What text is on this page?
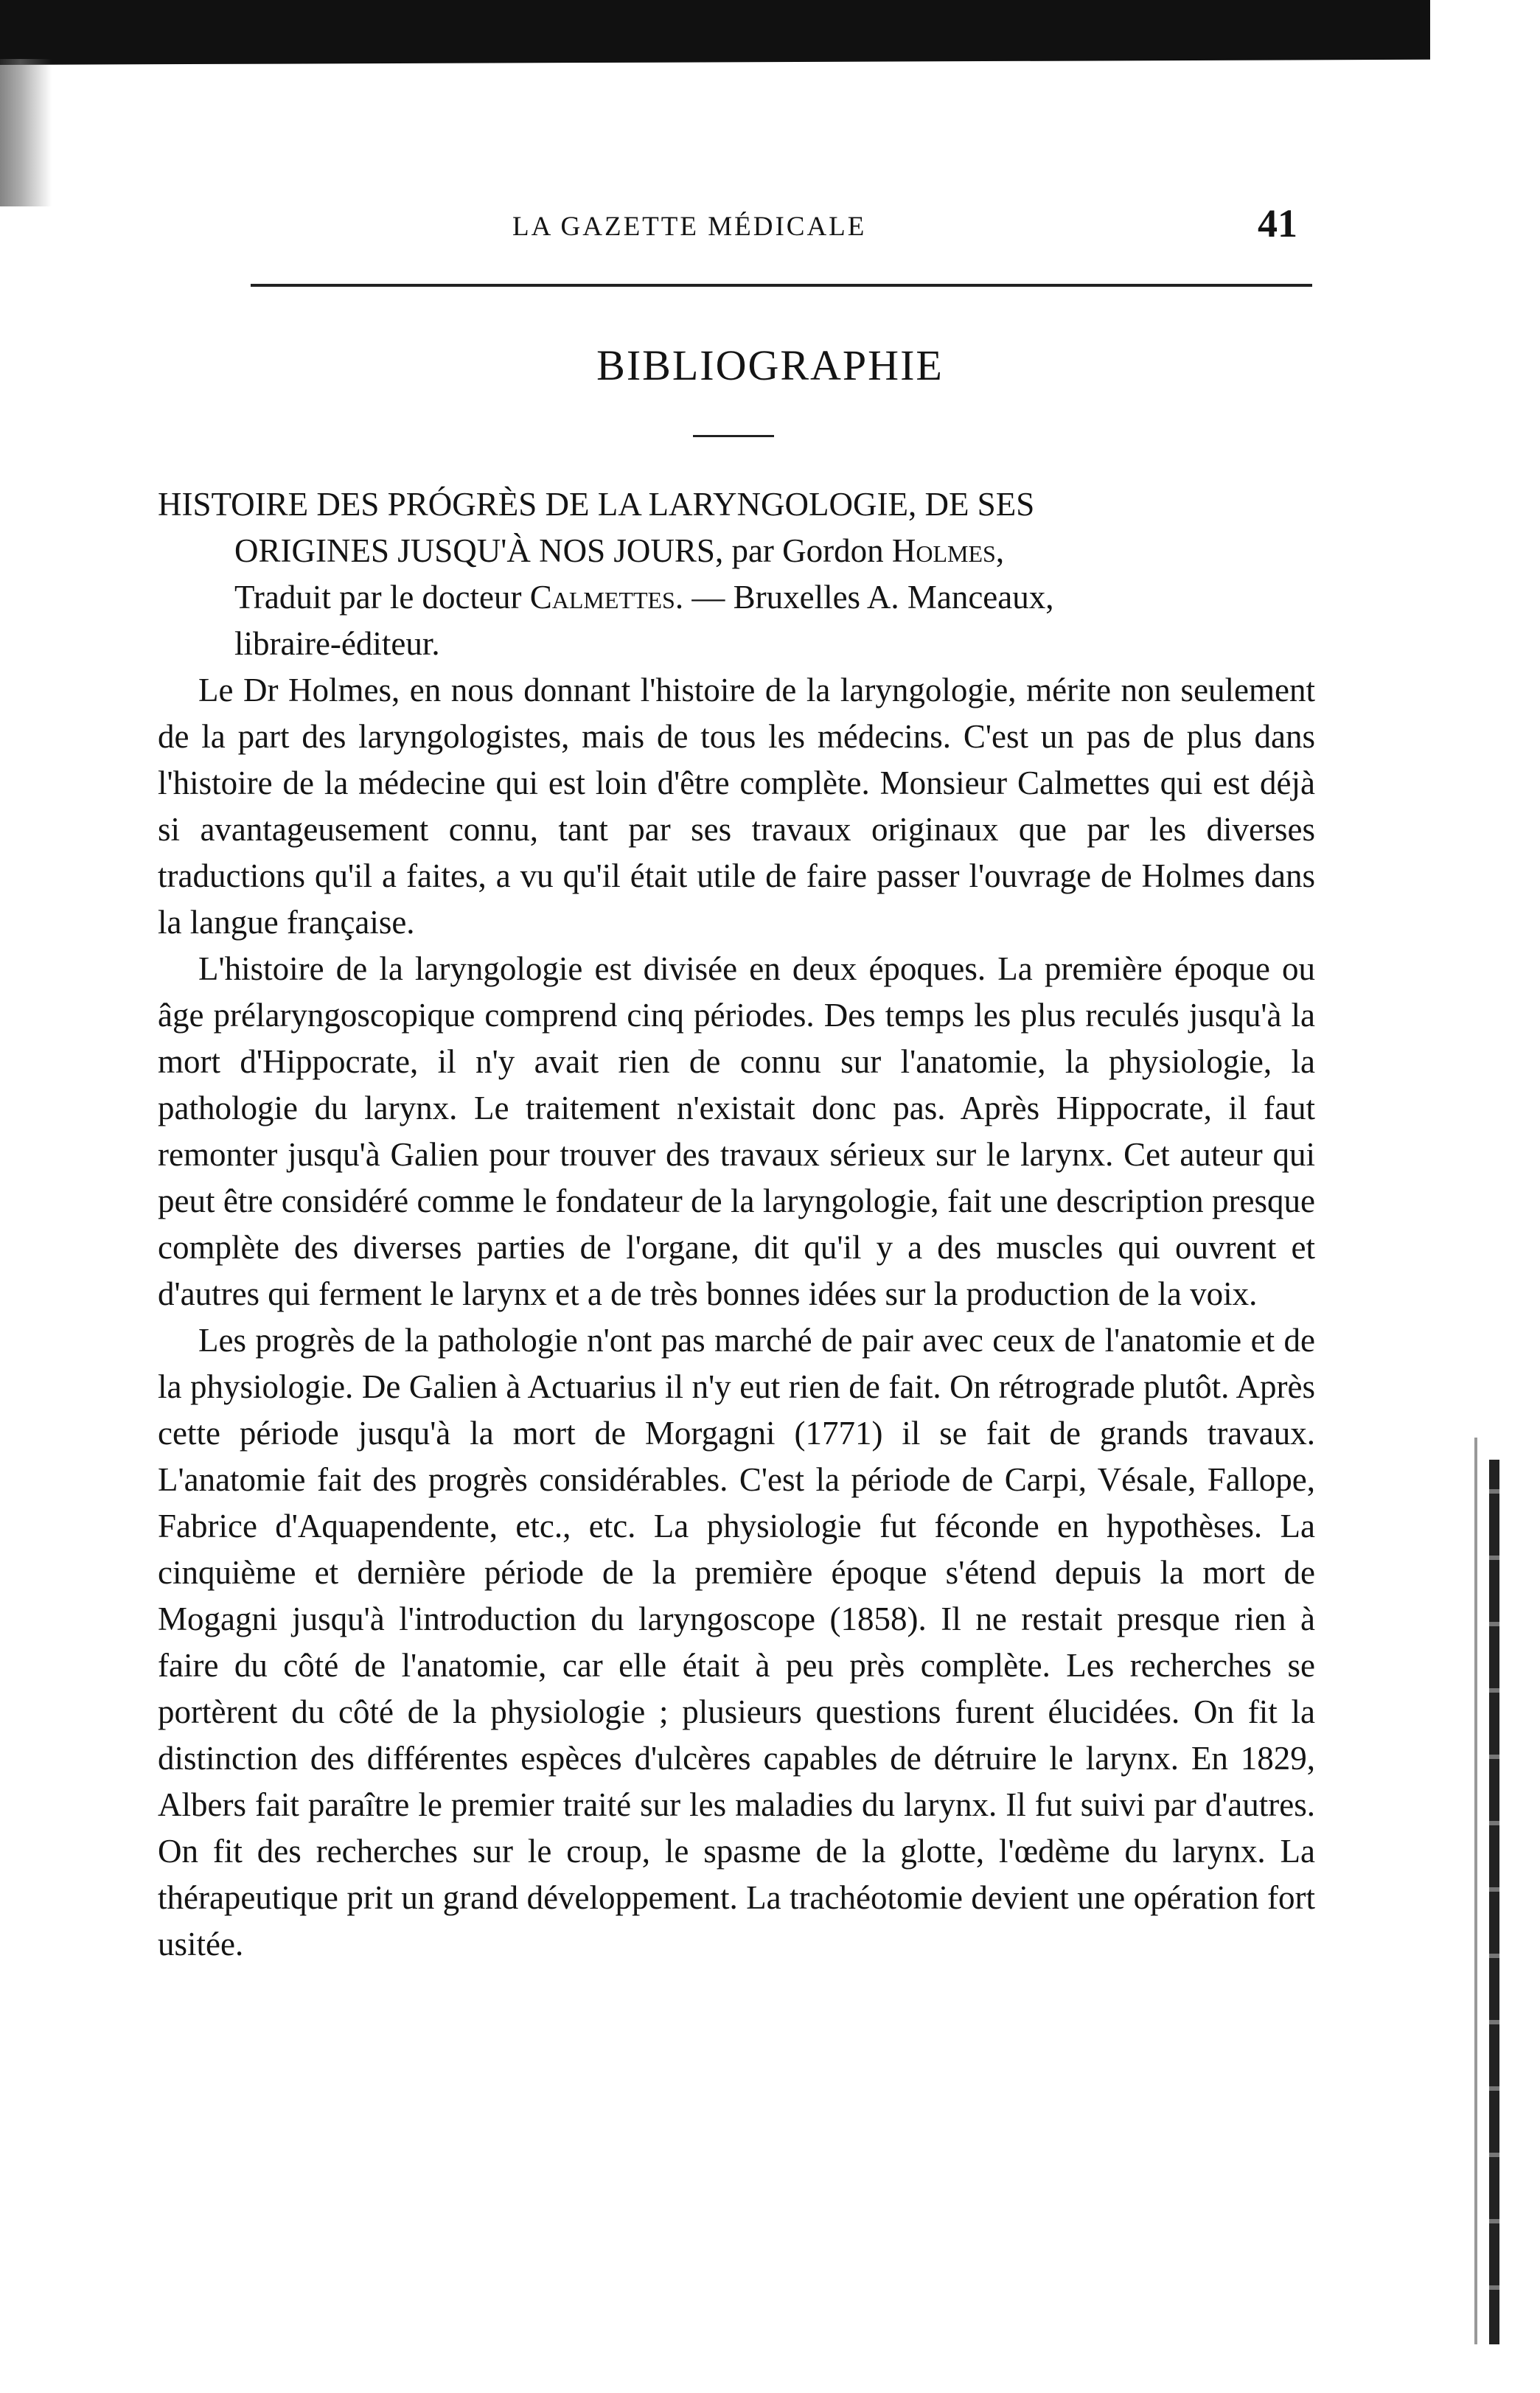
LA GAZETTE MÉDICALE	41
BIBLIOGRAPHIE
HISTOIRE DES PRÓGRÈS DE LA LARYNGOLOGIE, DE SES
ORIGINES JUSQU'À NOS JOURS, par Gordon Holmes,
Traduit par le docteur Calmettes. — Bruxelles A. Manceaux,
libraire-éditeur.

Le Dr Holmes, en nous donnant l'histoire de la laryngologie, mérite non seulement de la part des laryngologistes, mais de tous les médecins. C'est un pas de plus dans l'histoire de la médecine qui est loin d'être complète. Monsieur Calmettes qui est déjà si avantageusement connu, tant par ses travaux originaux que par les diverses traductions qu'il a faites, a vu qu'il était utile de faire passer l'ouvrage de Holmes dans la langue française.

L'histoire de la laryngologie est divisée en deux époques. La première époque ou âge prélaryngoscopique comprend cinq périodes. Des temps les plus reculés jusqu'à la mort d'Hippocrate, il n'y avait rien de connu sur l'anatomie, la physiologie, la pathologie du larynx. Le traitement n'existait donc pas. Après Hippocrate, il faut remonter jusqu'à Galien pour trouver des travaux sérieux sur le larynx. Cet auteur qui peut être considéré comme le fondateur de la laryngologie, fait une description presque complète des diverses parties de l'organe, dit qu'il y a des muscles qui ouvrent et d'autres qui ferment le larynx et a de très bonnes idées sur la production de la voix.

Les progrès de la pathologie n'ont pas marché de pair avec ceux de l'anatomie et de la physiologie. De Galien à Actuarius il n'y eut rien de fait. On rétrograde plutôt. Après cette période jusqu'à la mort de Morgagni (1771) il se fait de grands travaux. L'anatomie fait des progrès considérables. C'est la période de Carpi, Vésale, Fallope, Fabrice d'Aquapendente, etc., etc. La physiologie fut féconde en hypothèses. La cinquième et dernière période de la première époque s'étend depuis la mort de Mogagni jusqu'à l'introduction du laryngoscope (1858). Il ne restait presque rien à faire du côté de l'anatomie, car elle était à peu près complète. Les recherches se portèrent du côté de la physiologie ; plusieurs questions furent élucidées. On fit la distinction des différentes espèces d'ulcères capables de détruire le larynx. En 1829, Albers fait paraître le premier traité sur les maladies du larynx. Il fut suivi par d'autres. On fit des recherches sur le croup, le spasme de la glotte, l'œdème du larynx. La thérapeutique prit un grand développement. La trachéotomie devient une opération fort usitée.
